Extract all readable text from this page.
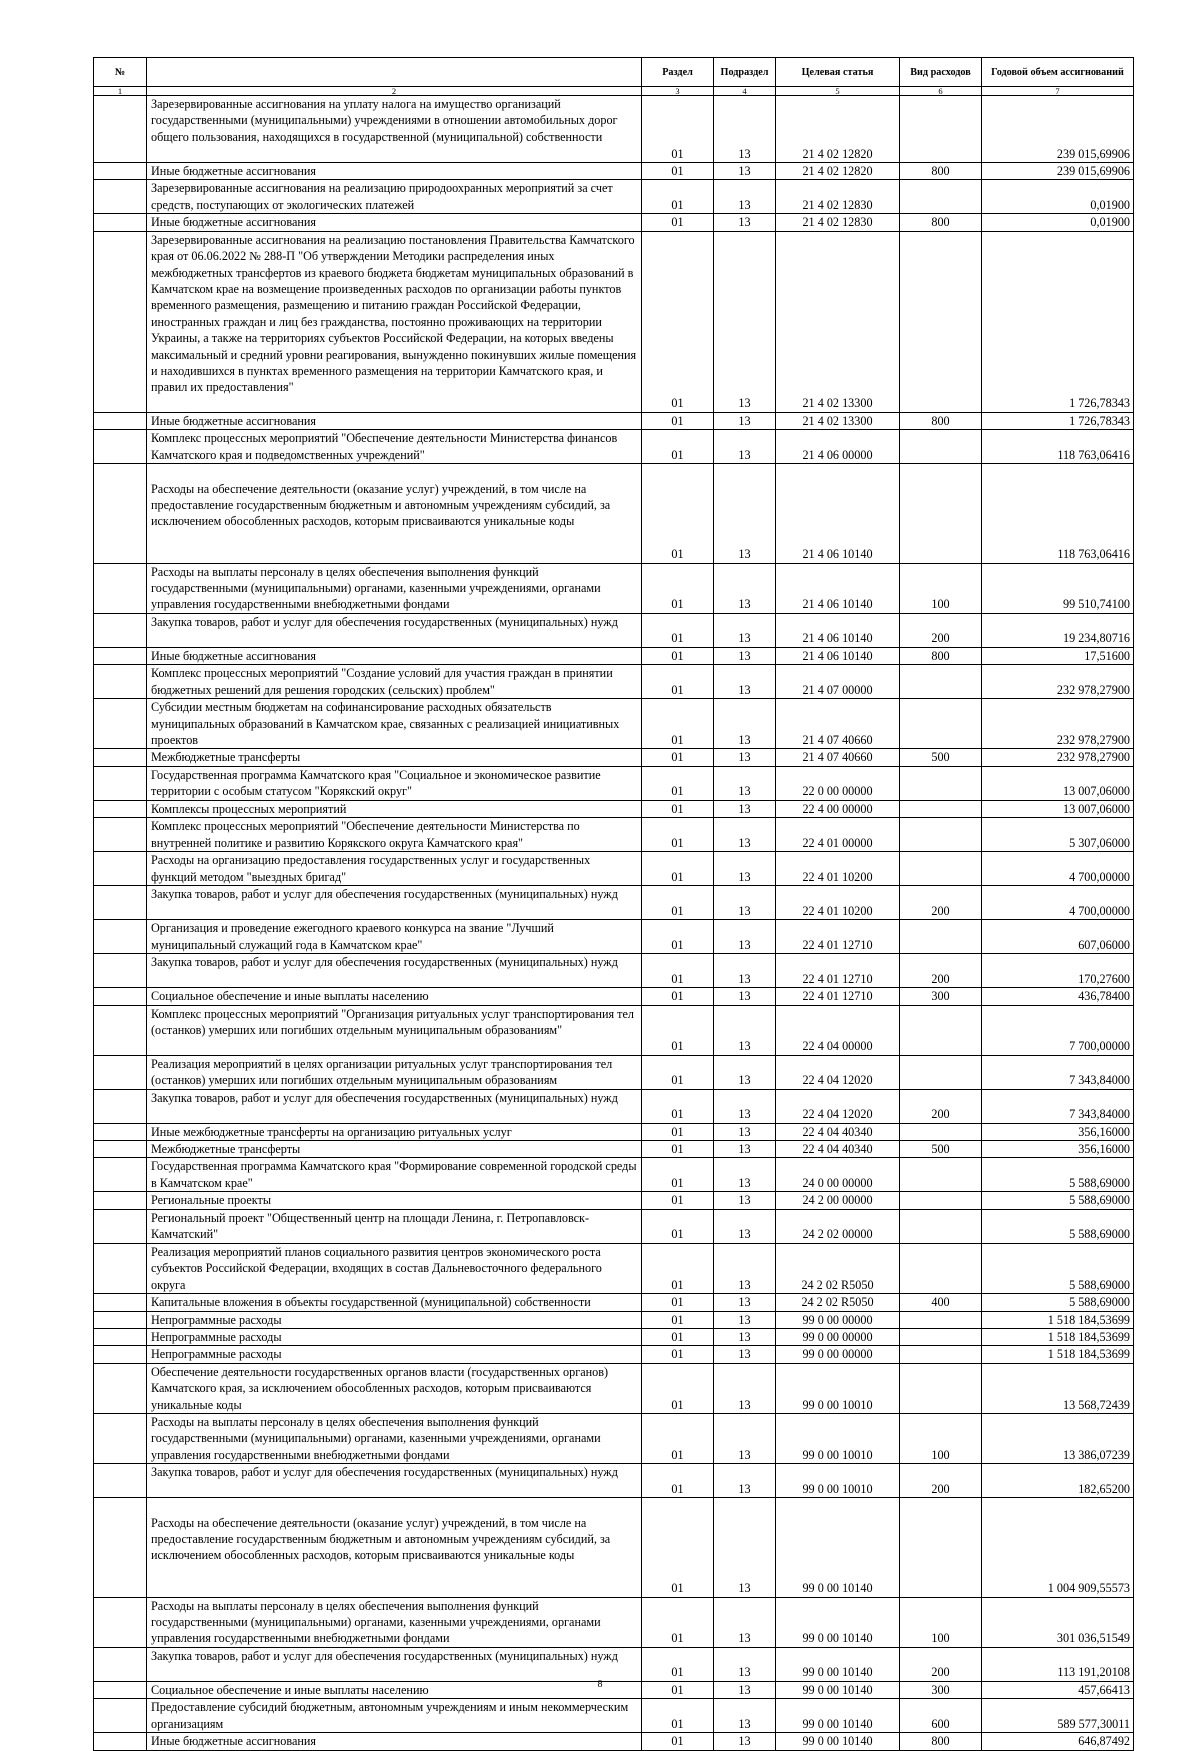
№		Раздел	Подраздел	Целевая статья	Вид расходов	Годовой объем ассигнований
1	2	3	4	5	6	7
	Зарезервированные ассигнования на уплату налога на имущество организаций государственными (муниципальными) учреждениями в отношении автомобильных дорог общего пользования, находящихся в государственной (муниципальной) собственности	01	13	21 4 02 12820		239 015,69906
	Иные бюджетные ассигнования	01	13	21 4 02 12820	800	239 015,69906
	Зарезервированные ассигнования на реализацию природоохранных мероприятий за счет средств, поступающих от экологических платежей	01	13	21 4 02 12830		0,01900
	Иные бюджетные ассигнования	01	13	21 4 02 12830	800	0,01900
	Зарезервированные ассигнования на реализацию постановления Правительства Камчатского края от 06.06.2022 № 288-П "Об утверждении Методики распределения иных межбюджетных трансфертов из краевого бюджета бюджетам муниципальных образований в Камчатском крае на возмещение произведенных расходов по организации работы пунктов временного размещения, размещению и питанию граждан Российской Федерации, иностранных граждан и лиц без гражданства, постоянно проживающих на территории Украины, а также на территориях субъектов Российской Федерации, на которых введены максимальный и средний уровни реагирования, вынужденно покинувших жилые помещения и находившихся в пунктах временного размещения на территории Камчатского края, и правил их предоставления"	01	13	21 4 02 13300		1 726,78343
	Иные бюджетные ассигнования	01	13	21 4 02 13300	800	1 726,78343
	Комплекс процессных мероприятий "Обеспечение деятельности Министерства финансов Камчатского края и подведомственных учреждений"	01	13	21 4 06 00000		118 763,06416
	Расходы на обеспечение деятельности (оказание услуг) учреждений, в том числе на предоставление государственным бюджетным и автономным учреждениям субсидий, за исключением обособленных расходов, которым присваиваются уникальные коды	01	13	21 4 06 10140		118 763,06416
	Расходы на выплаты персоналу в целях обеспечения выполнения функций государственными (муниципальными) органами, казенными учреждениями, органами управления государственными внебюджетными фондами	01	13	21 4 06 10140	100	99 510,74100
	Закупка товаров, работ и услуг для обеспечения государственных (муниципальных) нужд	01	13	21 4 06 10140	200	19 234,80716
	Иные бюджетные ассигнования	01	13	21 4 06 10140	800	17,51600
	Комплекс процессных мероприятий "Создание условий для участия граждан в принятии бюджетных решений для решения городских (сельских) проблем"	01	13	21 4 07 00000		232 978,27900
	Субсидии местным бюджетам на софинансирование расходных обязательств муниципальных образований в Камчатском крае, связанных с реализацией инициативных проектов	01	13	21 4 07 40660		232 978,27900
	Межбюджетные трансферты	01	13	21 4 07 40660	500	232 978,27900
	Государственная программа Камчатского края "Социальное и экономическое развитие территории с особым статусом "Корякский округ"	01	13	22 0 00 00000		13 007,06000
	Комплексы процессных мероприятий	01	13	22 4 00 00000		13 007,06000
	Комплекс процессных мероприятий "Обеспечение деятельности Министерства по внутренней политике и развитию Корякского округа Камчатского края"	01	13	22 4 01 00000		5 307,06000
	Расходы на организацию предоставления государственных услуг и государственных функций методом "выездных бригад"	01	13	22 4 01 10200		4 700,00000
	Закупка товаров, работ и услуг для обеспечения государственных (муниципальных) нужд	01	13	22 4 01 10200	200	4 700,00000
	Организация и проведение ежегодного краевого конкурса на звание "Лучший муниципальный служащий года в Камчатском крае"	01	13	22 4 01 12710		607,06000
	Закупка товаров, работ и услуг для обеспечения государственных (муниципальных) нужд	01	13	22 4 01 12710	200	170,27600
	Социальное обеспечение и иные выплаты населению	01	13	22 4 01 12710	300	436,78400
	Комплекс процессных мероприятий "Организация ритуальных услуг транспортирования тел (останков) умерших или погибших отдельным муниципальным образованиям"	01	13	22 4 04 00000		7 700,00000
	Реализация мероприятий в целях организации ритуальных услуг транспортирования тел (останков) умерших или погибших отдельным муниципальным образованиям	01	13	22 4 04 12020		7 343,84000
	Закупка товаров, работ и услуг для обеспечения государственных (муниципальных) нужд	01	13	22 4 04 12020	200	7 343,84000
	Иные межбюджетные трансферты на организацию ритуальных услуг	01	13	22 4 04 40340		356,16000
	Межбюджетные трансферты	01	13	22 4 04 40340	500	356,16000
	Государственная программа Камчатского края "Формирование современной городской среды в Камчатском крае"	01	13	24 0 00 00000		5 588,69000
	Региональные проекты	01	13	24 2 00 00000		5 588,69000
	Региональный проект "Общественный центр на площади Ленина, г. Петропавловск-Камчатский"	01	13	24 2 02 00000		5 588,69000
	Реализация мероприятий планов социального развития центров экономического роста субъектов Российской Федерации, входящих в состав Дальневосточного федерального округа	01	13	24 2 02 R5050		5 588,69000
	Капитальные вложения в объекты государственной (муниципальной) собственности	01	13	24 2 02 R5050	400	5 588,69000
	Непрограммные расходы	01	13	99 0 00 00000		1 518 184,53699
	Непрограммные расходы	01	13	99 0 00 00000		1 518 184,53699
	Непрограммные расходы	01	13	99 0 00 00000		1 518 184,53699
	Обеспечение деятельности государственных органов власти (государственных органов) Камчатского края, за исключением обособленных расходов, которым присваиваются уникальные коды	01	13	99 0 00 10010		13 568,72439
	Расходы на выплаты персоналу в целях обеспечения выполнения функций государственными (муниципальными) органами, казенными учреждениями, органами управления государственными внебюджетными фондами	01	13	99 0 00 10010	100	13 386,07239
	Закупка товаров, работ и услуг для обеспечения государственных (муниципальных) нужд	01	13	99 0 00 10010	200	182,65200
	Расходы на обеспечение деятельности (оказание услуг) учреждений, в том числе на предоставление государственным бюджетным и автономным учреждениям субсидий, за исключением обособленных расходов, которым присваиваются уникальные коды	01	13	99 0 00 10140		1 004 909,55573
	Расходы на выплаты персоналу в целях обеспечения выполнения функций государственными (муниципальными) органами, казенными учреждениями, органами управления государственными внебюджетными фондами	01	13	99 0 00 10140	100	301 036,51549
	Закупка товаров, работ и услуг для обеспечения государственных (муниципальных) нужд	01	13	99 0 00 10140	200	113 191,20108
	Социальное обеспечение и иные выплаты населению	01	13	99 0 00 10140	300	457,66413
	Предоставление субсидий бюджетным, автономным учреждениям и иным некоммерческим организациям	01	13	99 0 00 10140	600	589 577,30011
	Иные бюджетные ассигнования	01	13	99 0 00 10140	800	646,87492
8
